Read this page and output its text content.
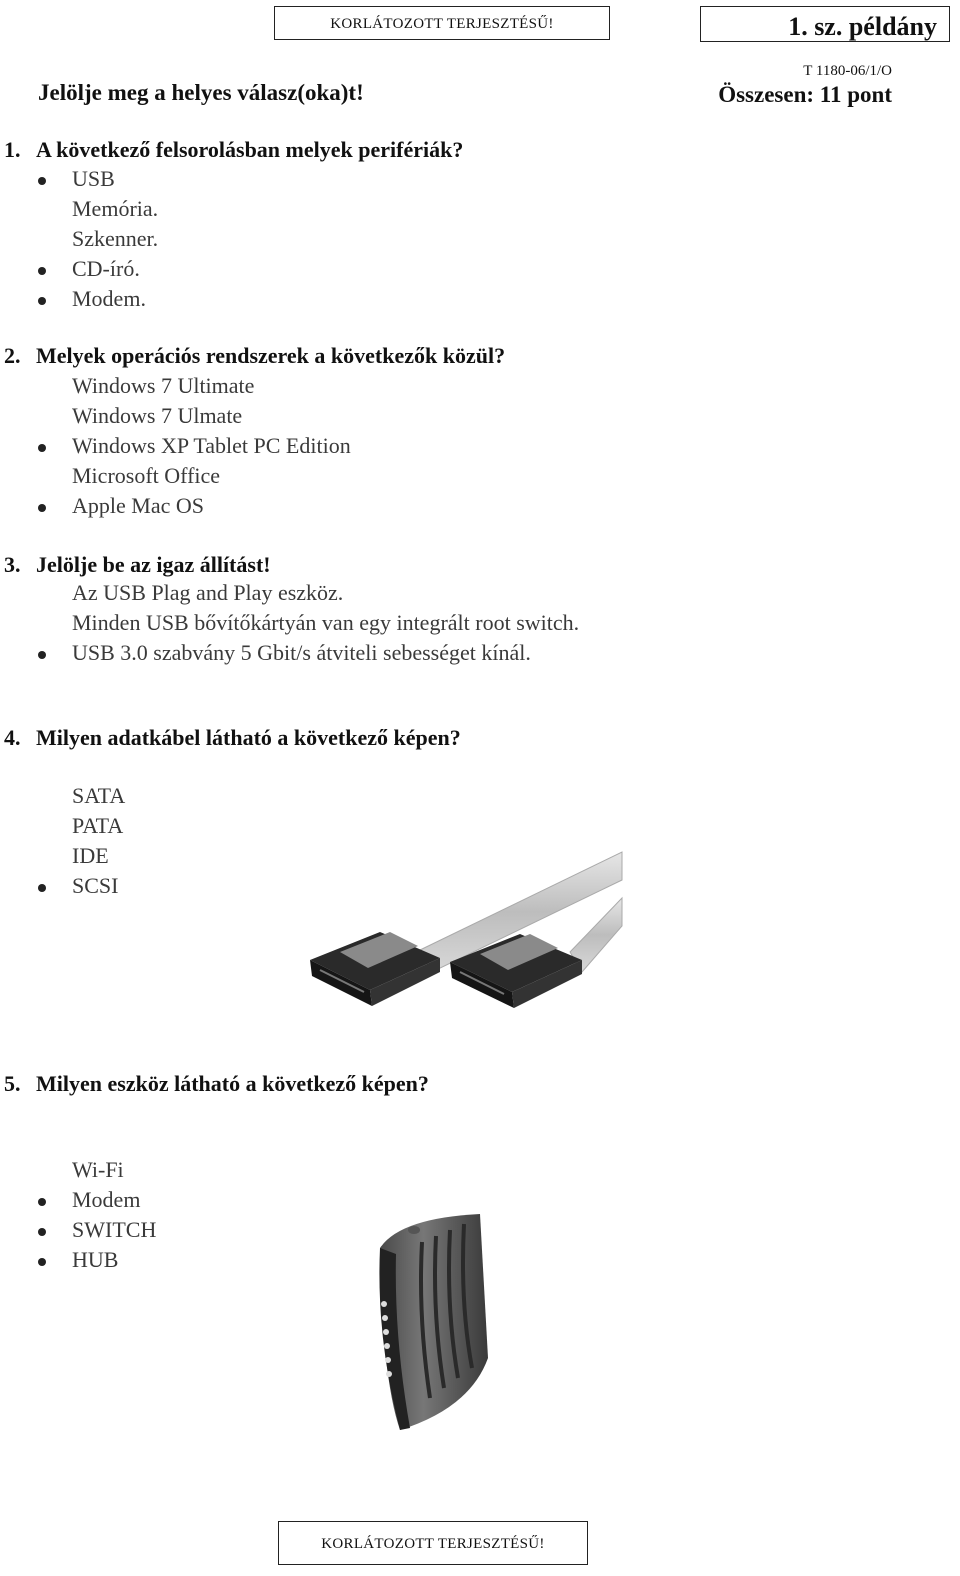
KORLÁTOZOTT TERJESZTÉSŰ!	1. sz. példány
Jelölje meg a helyes válasz(oka)t!
T 1180-06/1/O
Összesen: 11 pont
1. A következő felsorolásban melyek perifériák?
USB
Memória.
Szkenner.
CD-író.
Modem.
2. Melyek operációs rendszerek a következők közül?
Windows 7 Ultimate
Windows 7 Ulmate
Windows XP Tablet PC Edition
Microsoft Office
Apple Mac OS
3. Jelölje be az igaz állítást!
Az USB Plag and Play eszköz.
Minden USB bővítőkártyán van egy integrált root switch.
USB 3.0 szabvány 5 Gbit/s átviteli sebességet kínál.
4. Milyen adatkábel látható a következő képen?
SATA
PATA
IDE
SCSI
5. Milyen eszköz látható a következő képen?
Wi-Fi
Modem
SWITCH
HUB
KORLÁTOZOTT TERJESZTÉSŰ!
